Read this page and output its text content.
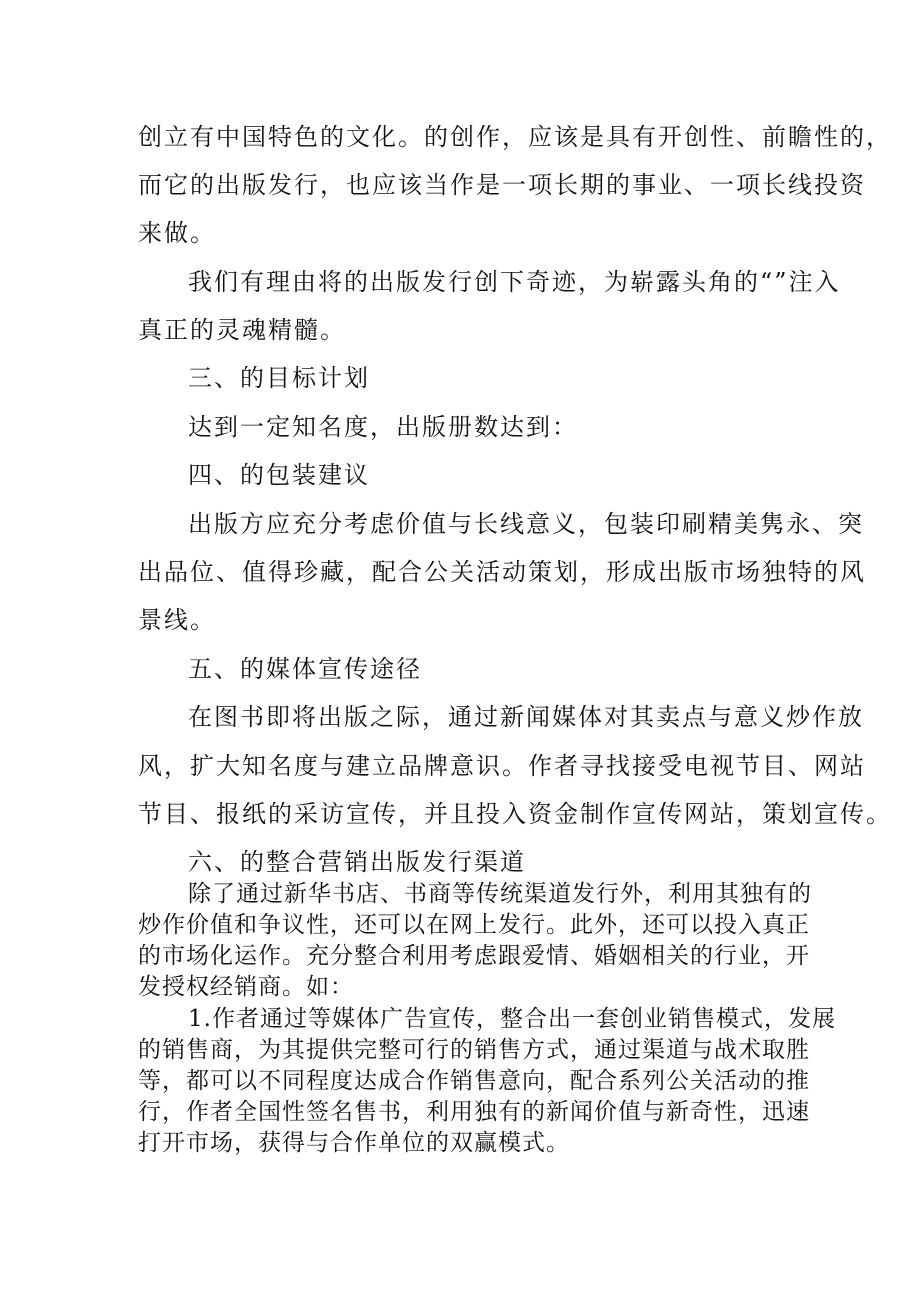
创立有中国特色的文化。的创作，应该是具有开创性、前瞻性的，
而它的出版发行，也应该当作是一项长期的事业、一项长线投资
来做。
我们有理由将的出版发行创下奇迹，为崭露头角的“”注入
真正的灵魂精髓。
三、的目标计划
达到一定知名度，出版册数达到：
四、的包装建议
出版方应充分考虑价值与长线意义，包装印刷精美隽永、突
出品位、值得珍藏，配合公关活动策划，形成出版市场独特的风
景线。
五、的媒体宣传途径
在图书即将出版之际，通过新闻媒体对其卖点与意义炒作放
风，扩大知名度与建立品牌意识。作者寻找接受电视节目、网站
节目、报纸的采访宣传，并且投入资金制作宣传网站，策划宣传。
六、的整合营销出版发行渠道
除了通过新华书店、书商等传统渠道发行外，利用其独有的
炒作价值和争议性，还可以在网上发行。此外，还可以投入真正
的市场化运作。充分整合利用考虑跟爱情、婚姻相关的行业，开
发授权经销商。如：
1.作者通过等媒体广告宣传，整合出一套创业销售模式，发展
的销售商，为其提供完整可行的销售方式，通过渠道与战术取胜
等，都可以不同程度达成合作销售意向，配合系列公关活动的推
行，作者全国性签名售书，利用独有的新闻价值与新奇性，迅速
打开市场，获得与合作单位的双赢模式。
